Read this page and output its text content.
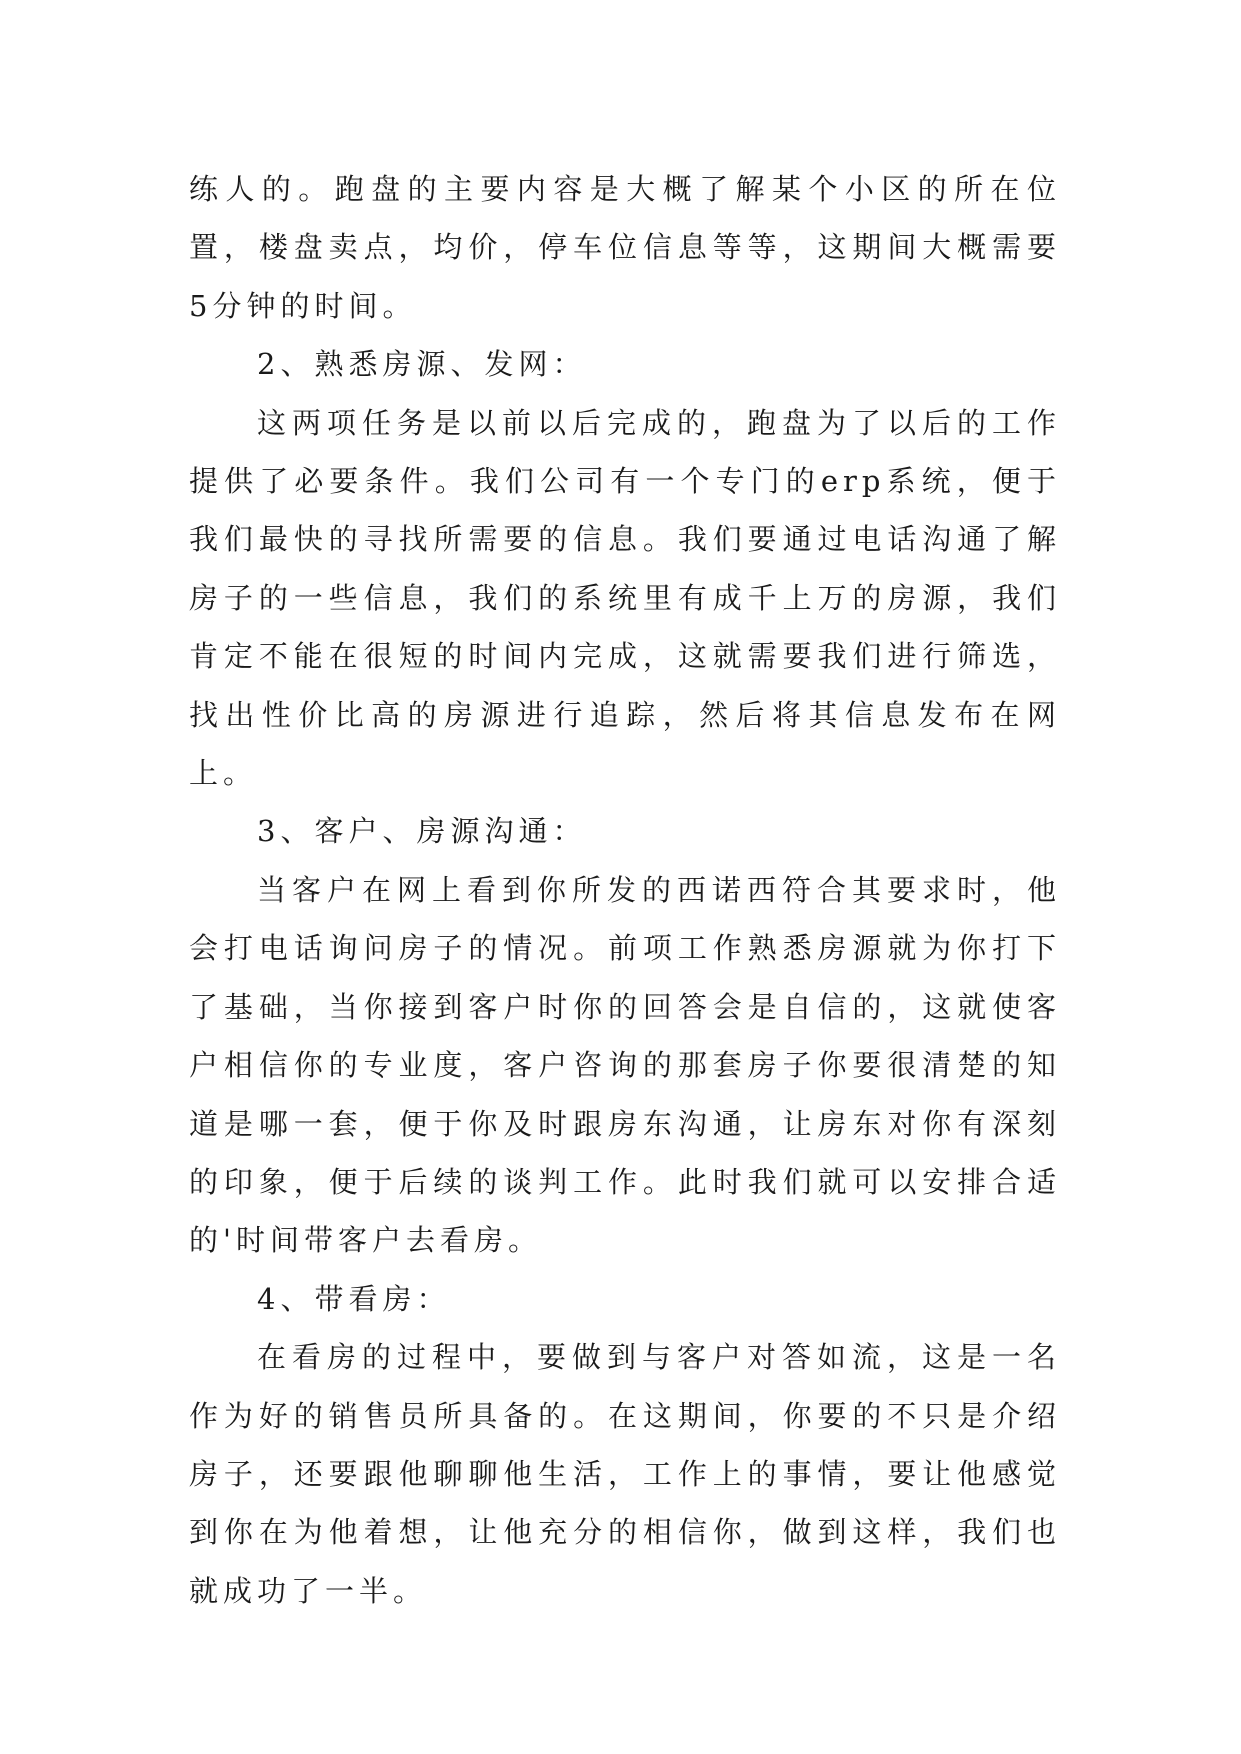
练人的。跑盘的主要内容是大概了解某个小区的所在位置，楼盘卖点，均价，停车位信息等等，这期间大概需要5分钟的时间。

2、熟悉房源、发网：

这两项任务是以前以后完成的，跑盘为了以后的工作提供了必要条件。我们公司有一个专门的erp系统，便于我们最快的寻找所需要的信息。我们要通过电话沟通了解房子的一些信息，我们的系统里有成千上万的房源，我们肯定不能在很短的时间内完成，这就需要我们进行筛选，找出性价比高的房源进行追踪，然后将其信息发布在网上。

3、客户、房源沟通：

当客户在网上看到你所发的西诺西符合其要求时，他会打电话询问房子的情况。前项工作熟悉房源就为你打下了基础，当你接到客户时你的回答会是自信的，这就使客户相信你的专业度，客户咨询的那套房子你要很清楚的知道是哪一套，便于你及时跟房东沟通，让房东对你有深刻的印象，便于后续的谈判工作。此时我们就可以安排合适的'时间带客户去看房。

4、带看房：

在看房的过程中，要做到与客户对答如流，这是一名作为好的销售员所具备的。在这期间，你要的不只是介绍房子，还要跟他聊聊他生活，工作上的事情，要让他感觉到你在为他着想，让他充分的相信你，做到这样，我们也就成功了一半。
